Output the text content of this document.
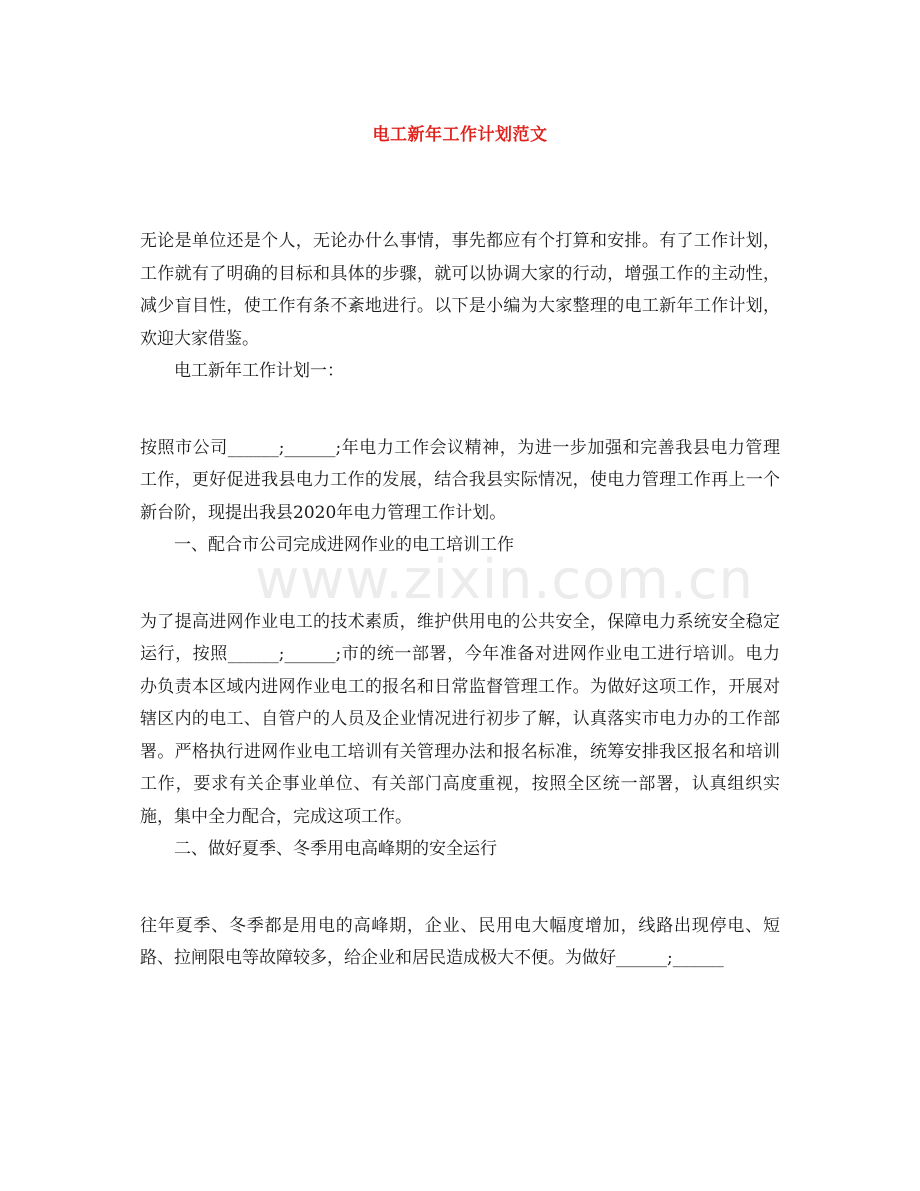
电工新年工作计划范文

无论是单位还是个人，无论办什么事情，事先都应有个打算和安排。有了工作计划，工作就有了明确的目标和具体的步骤，就可以协调大家的行动，增强工作的主动性，减少盲目性，使工作有条不紊地进行。以下是小编为大家整理的电工新年工作计划，欢迎大家借鉴。

电工新年工作计划一：

按照市公司______;______;年电力工作会议精神，为进一步加强和完善我县电力管理工作，更好促进我县电力工作的发展，结合我县实际情况，使电力管理工作再上一个新台阶，现提出我县2020年电力管理工作计划。

一、配合市公司完成进网作业的电工培训工作

为了提高进网作业电工的技术素质，维护供用电的公共安全，保障电力系统安全稳定运行，按照______;______;市的统一部署，今年准备对进网作业电工进行培训。电力办负责本区域内进网作业电工的报名和日常监督管理工作。为做好这项工作，开展对辖区内的电工、自管户的人员及企业情况进行初步了解，认真落实市电力办的工作部署。严格执行进网作业电工培训有关管理办法和报名标准，统筹安排我区报名和培训工作，要求有关企事业单位、有关部门高度重视，按照全区统一部署，认真组织实施，集中全力配合，完成这项工作。

二、做好夏季、冬季用电高峰期的安全运行

往年夏季、冬季都是用电的高峰期，企业、民用电大幅度增加，线路出现停电、短路、拉闸限电等故障较多，给企业和居民造成极大不便。为做好______;______

www.zixin.com.cn
